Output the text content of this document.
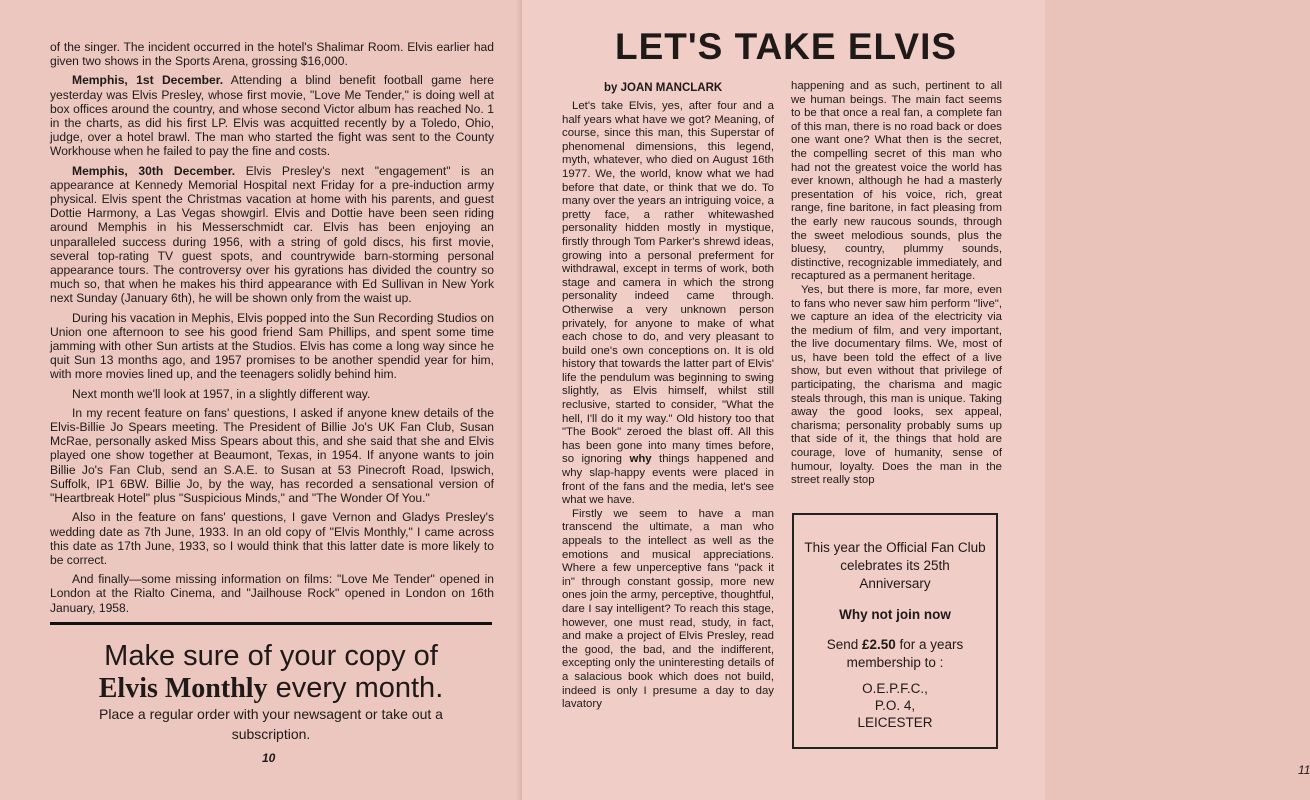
of the singer. The incident occurred in the hotel's Shalimar Room. Elvis earlier had given two shows in the Sports Arena, grossing $16,000.

Memphis, 1st December. Attending a blind benefit football game here yesterday was Elvis Presley, whose first movie, "Love Me Tender," is doing well at box offices around the country, and whose second Victor album has reached No. 1 in the charts, as did his first LP. Elvis was acquitted recently by a Toledo, Ohio, judge, over a hotel brawl. The man who started the fight was sent to the County Workhouse when he failed to pay the fine and costs.

Memphis, 30th December. Elvis Presley's next "engagement" is an appearance at Kennedy Memorial Hospital next Friday for a pre-induction army physical. Elvis spent the Christmas vacation at home with his parents, and guest Dottie Harmony, a Las Vegas showgirl. Elvis and Dottie have been seen riding around Memphis in his Messerschmidt car. Elvis has been enjoying an unparalleled success during 1956, with a string of gold discs, his first movie, several top-rating TV guest spots, and countrywide barn-storming personal appearance tours. The controversy over his gyrations has divided the country so much so, that when he makes his third appearance with Ed Sullivan in New York next Sunday (January 6th), he will be shown only from the waist up.

During his vacation in Mephis, Elvis popped into the Sun Recording Studios on Union one afternoon to see his good friend Sam Phillips, and spent some time jamming with other Sun artists at the Studios. Elvis has come a long way since he quit Sun 13 months ago, and 1957 promises to be another spendid year for him, with more movies lined up, and the teenagers solidly behind him.

Next month we'll look at 1957, in a slightly different way.

In my recent feature on fans' questions, I asked if anyone knew details of the Elvis-Billie Jo Spears meeting. The President of Billie Jo's UK Fan Club, Susan McRae, personally asked Miss Spears about this, and she said that she and Elvis played one show together at Beaumont, Texas, in 1954. If anyone wants to join Billie Jo's Fan Club, send an S.A.E. to Susan at 53 Pinecroft Road, Ipswich, Suffolk, IP1 6BW. Billie Jo, by the way, has recorded a sensational version of "Heartbreak Hotel" plus "Suspicious Minds," and "The Wonder Of You."

Also in the feature on fans' questions, I gave Vernon and Gladys Presley's wedding date as 7th June, 1933. In an old copy of "Elvis Monthly," I came across this date as 17th June, 1933, so I would think that this latter date is more likely to be correct.

And finally—some missing information on films: "Love Me Tender" opened in London at the Rialto Cinema, and "Jailhouse Rock" opened in London on 16th January, 1958.

Make sure of your copy of
Elvis Monthly every month.
Place a regular order with your newsagent or take out a subscription.
10
LET'S TAKE ELVIS
by JOAN MANCLARK

Let's take Elvis, yes, after four and a half years what have we got? Meaning, of course, since this man, this Superstar of phenomenal dimensions, this legend, myth, whatever, who died on August 16th 1977. We, the world, know what we had before that date, or think that we do. To many over the years an intriguing voice, a pretty face, a rather whitewashed personality hidden mostly in mystique, firstly through Tom Parker's shrewd ideas, growing into a personal preferment for withdrawal, except in terms of work, both stage and camera in which the strong personality indeed came through. Otherwise a very unknown person privately, for anyone to make of what each chose to do, and very pleasant to build one's own conceptions on. It is old history that towards the latter part of Elvis' life the pendulum was beginning to swing slightly, as Elvis himself, whilst still reclusive, started to consider, "What the hell, I'll do it my way." Old history too that "The Book" zeroed the blast off. All this has been gone into many times before, so ignoring why things happened and why slap-happy events were placed in front of the fans and the media, let's see what we have.

Firstly we seem to have a man transcend the ultimate, a man who appeals to the intellect as well as the emotions and musical appreciations. Where a few unperceptive fans "pack it in" through constant gossip, more new ones join the army, perceptive, thoughtful, dare I say intelligent? To reach this stage, however, one must read, study, in fact, and make a project of Elvis Presley, read the good, the bad, and the indifferent, excepting only the uninteresting details of a salacious book which does not build, indeed is only I presume a day to day lavatory

happening and as such, pertinent to all we human beings. The main fact seems to be that once a real fan, a complete fan of this man, there is no road back or does one want one? What then is the secret, the compelling secret of this man who had not the greatest voice the world has ever known, although he had a masterly presentation of his voice, rich, great range, fine baritone, in fact pleasing from the early new raucous sounds, through the sweet melodious sounds, plus the bluesy, country, plummy sounds, distinctive, recognizable immediately, and recaptured as a permanent heritage.

Yes, but there is more, far more, even to fans who never saw him perform "live", we capture an idea of the electricity via the medium of film, and very important, the live documentary films. We, most of us, have been told the effect of a live show, but even without that privilege of participating, the charisma and magic steals through, this man is unique. Taking away the good looks, sex appeal, charisma; personality probably sums up that side of it, the things that hold are courage, love of humanity, sense of humour, loyalty. Does the man in the street really stop

This year the Official Fan Club celebrates its 25th Anniversary
Why not join now
Send £2.50 for a years membership to :
O.E.P.F.C.,
P.O. 4,
LEICESTER
11
